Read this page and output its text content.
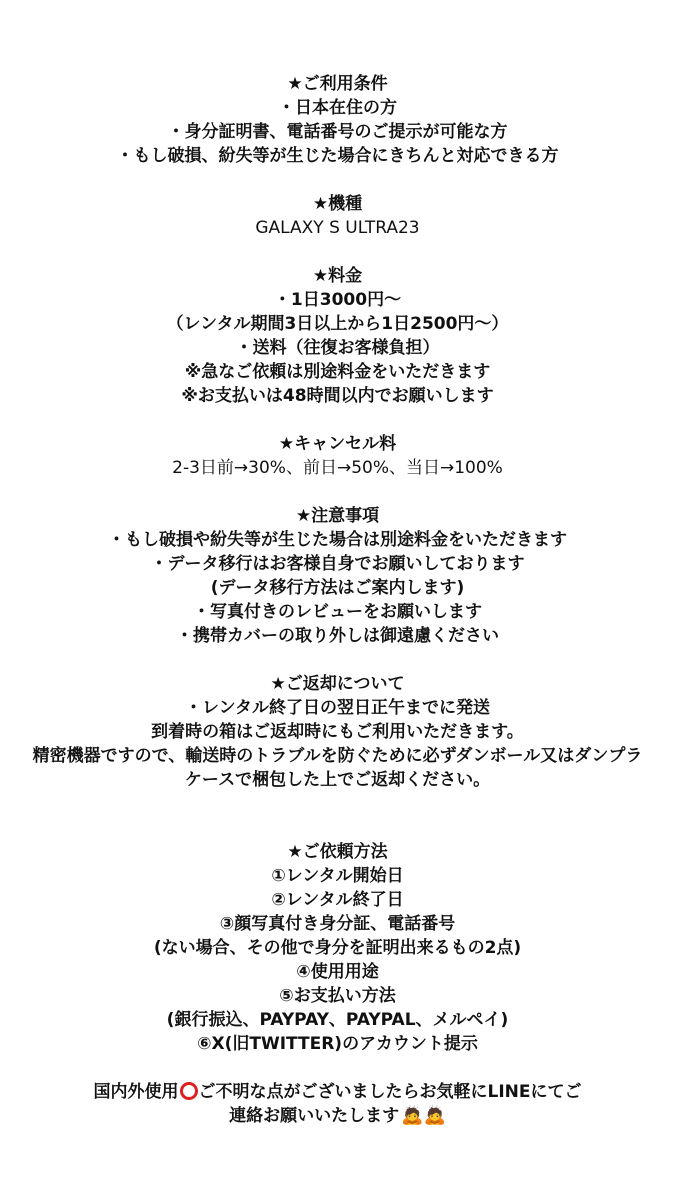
★ご利用条件
・日本在住の方
・身分証明書、電話番号のご提示が可能な方
・もし破損、紛失等が生じた場合にきちんと対応できる方
★機種
GALAXY S ULTRA23
★料金
・1日3000円〜
（レンタル期間3日以上から1日2500円〜）
・送料（往復お客様負担）
※急なご依頼は別途料金をいただきます
※お支払いは48時間以内でお願いします
★キャンセル料
2-3日前→30%、前日→50%、当日→100%
★注意事項
・もし破損や紛失等が生じた場合は別途料金をいただきます
・データ移行はお客様自身でお願いしております
(データ移行方法はご案内します)
・写真付きのレビューをお願いします
・携帯カバーの取り外しは御遠慮ください
★ご返却について
・レンタル終了日の翌日正午までに発送
到着時の箱はご返却時にもご利用いただきます。
精密機器ですので、輸送時のトラブルを防ぐために必ずダンボール又はダンプラケースで梱包した上でご返却ください。
★ご依頼方法
①レンタル開始日
②レンタル終了日
③顔写真付き身分証、電話番号
(ない場合、その他で身分を証明出来るもの2点)
④使用用途
⑤お支払い方法
(銀行振込、PAYPAY、PAYPAL、メルペイ)
⑥X(旧TWITTER)のアカウント提示
国内外使用 ご不明な点がございましたらお気軽にLINEにてご
連絡お願いいたします 🙇🙇
